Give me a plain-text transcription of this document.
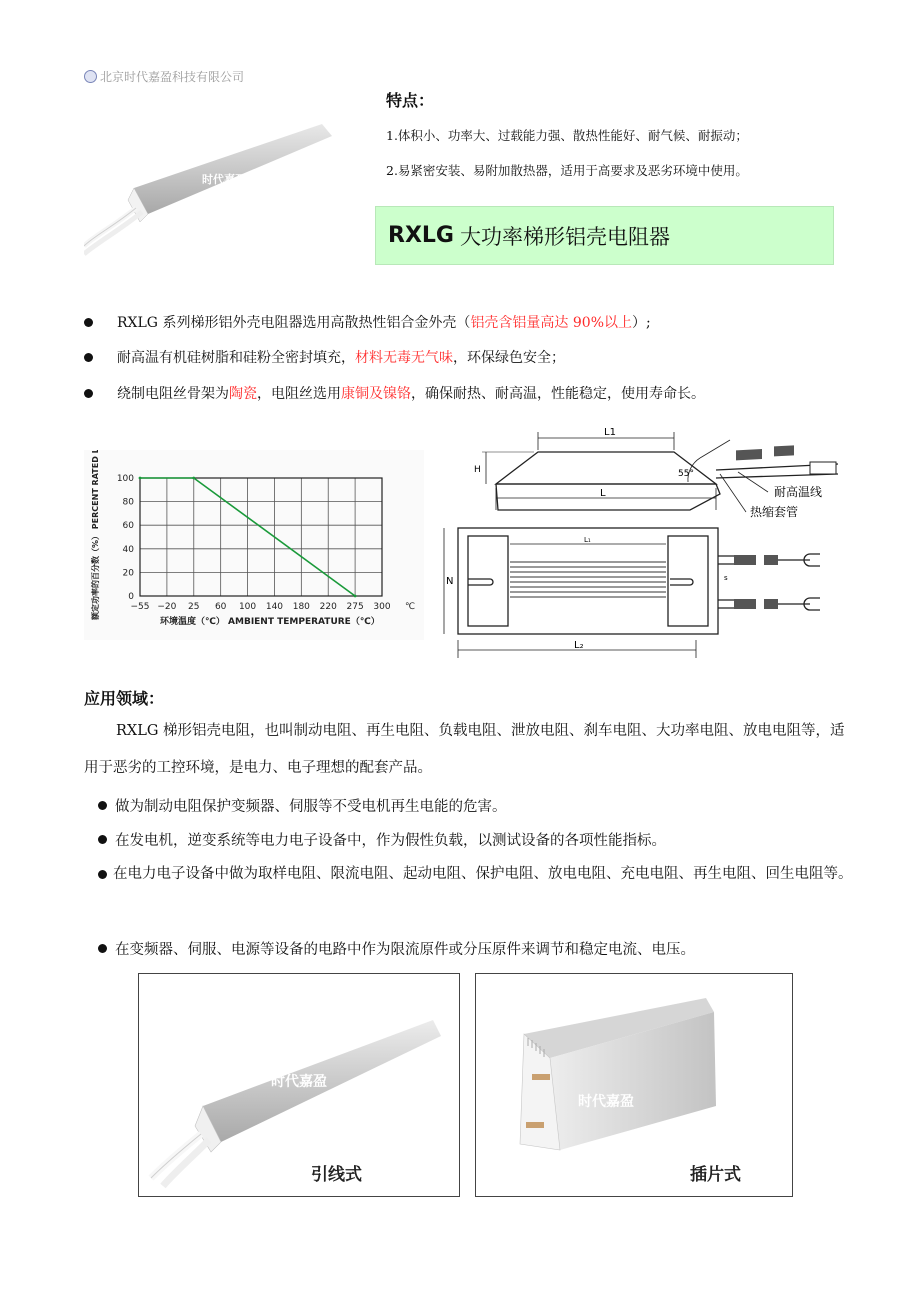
北京时代嘉盈科技有限公司
时代嘉盈
特点：
1.体积小、功率大、过载能力强、散热性能好、耐气候、耐振动；
2.易紧密安装、易附加散热器，适用于高要求及恶劣环境中使用。
RXLG 大功率梯形铝壳电阻器
RXLG 系列梯形铝外壳电阻器选用高散热性铝合金外壳（ 铝壳含铝量高达 90%以上 ）;
耐高温有机硅树脂和硅粉全密封填充， 材料无毒无气味 ，环保绿色安全；
绕制电阻丝骨架为 陶瓷 ，电阻丝选用 康铜及镍铬 ，确保耐热、耐高温，性能稳定，使用寿命长。
100
80
60
40
20
0
−55 −20 25 60 100 140 180 220 275 300 ℃
环境温度（℃） AMBIENT TEMPERATURE（℃）
额定功率的百分数（%） PERCENT RATED LOAD（%）	L1
H
L
55°
耐高温线
热缩套管
N
L₁
L₂
s
应用领域：
RXLG 梯形铝壳电阻，也叫制动电阻、再生电阻、负载电阻、泄放电阻、刹车电阻、大功率电阻、放电电阻等，适用于恶劣的工控环境，是电力、电子理想的配套产品。
做为制动电阻保护变频器、伺服等不受电机再生电能的危害。
在发电机，逆变系统等电力电子设备中，作为假性负载，以测试设备的各项性能指标。
在电力电子设备中做为取样电阻、限流电阻、起动电阻、保护电阻、放电电阻、充电电阻、再生电阻、回生电阻等。
在变频器、伺服、电源等设备的电路中作为限流原件或分压原件来调节和稳定电流、电压。
时代嘉盈
引线式
时代嘉盈
插片式
